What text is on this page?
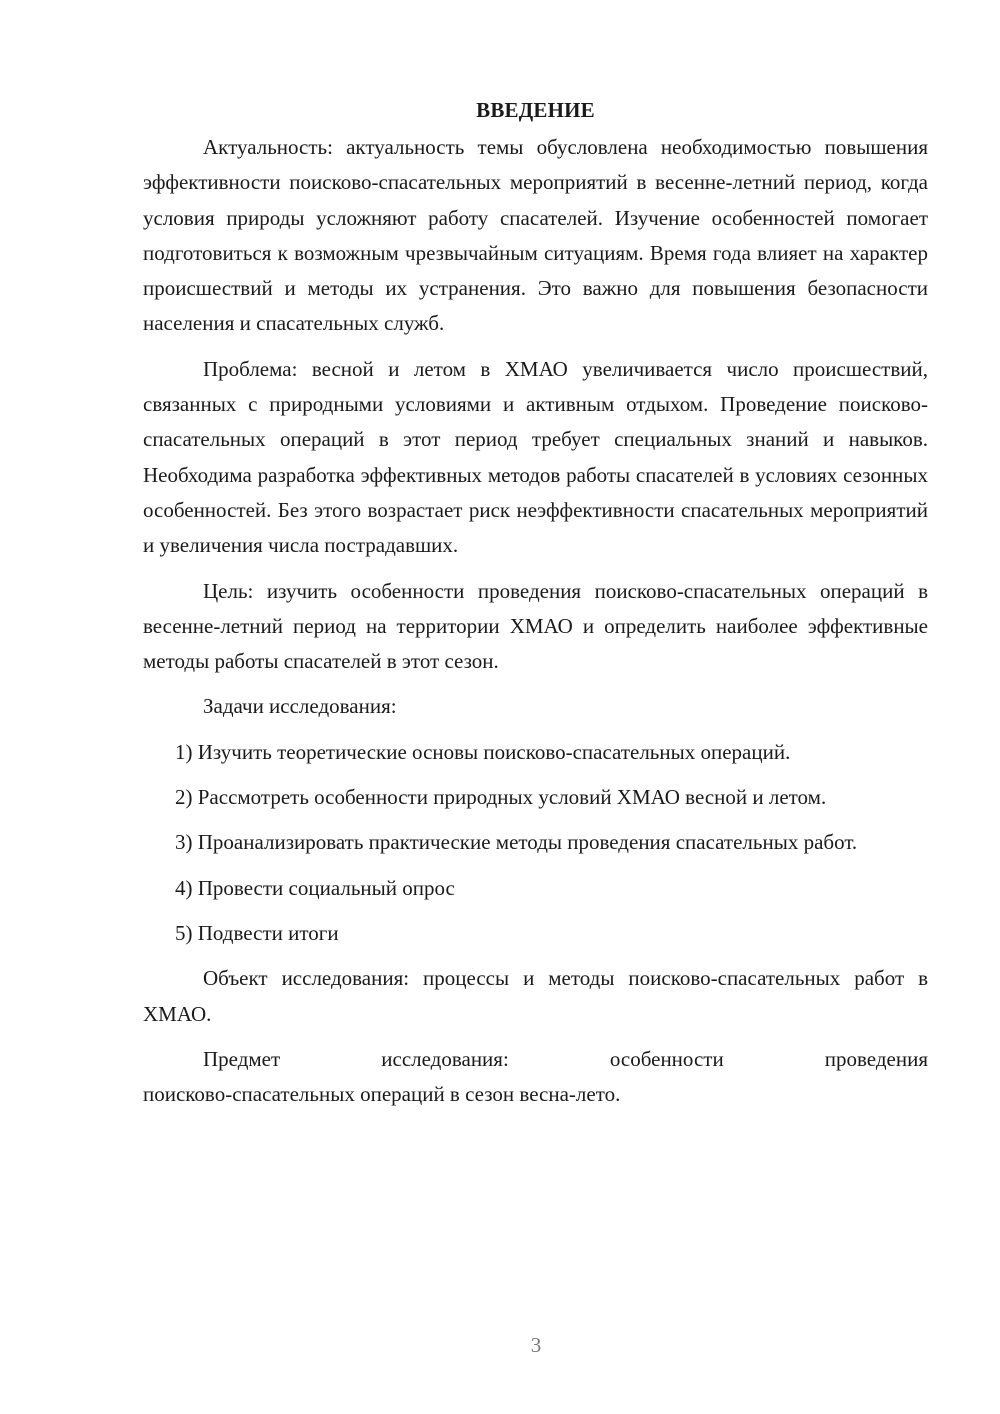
ВВЕДЕНИЕ

Актуальность: актуальность темы обусловлена необходимостью повышения эффективности поисково-спасательных мероприятий в весенне-летний период, когда условия природы усложняют работу спасателей. Изучение особенностей помогает подготовиться к возможным чрезвычайным ситуациям. Время года влияет на характер происшествий и методы их устранения. Это важно для повышения безопасности населения и спасательных служб.

Проблема: весной и летом в ХМАО увеличивается число происшествий, связанных с природными условиями и активным отдыхом. Проведение поисково-спасательных операций в этот период требует специальных знаний и навыков. Необходима разработка эффективных методов работы спасателей в условиях сезонных особенностей. Без этого возрастает риск неэффективности спасательных мероприятий и увеличения числа пострадавших.

Цель: изучить особенности проведения поисково-спасательных операций в весенне-летний период на территории ХМАО и определить наиболее эффективные методы работы спасателей в этот сезон.

Задачи исследования:

1) Изучить теоретические основы поисково-спасательных операций.

2) Рассмотреть особенности природных условий ХМАО весной и летом.

3) Проанализировать практические методы проведения спасательных работ.

4) Провести социальный опрос

5) Подвести итоги

Объект исследования: процессы и методы поисково-спасательных работ в ХМАО.

Предмет исследования: особенности проведения

поисково-спасательных операций в сезон весна-лето.

3
